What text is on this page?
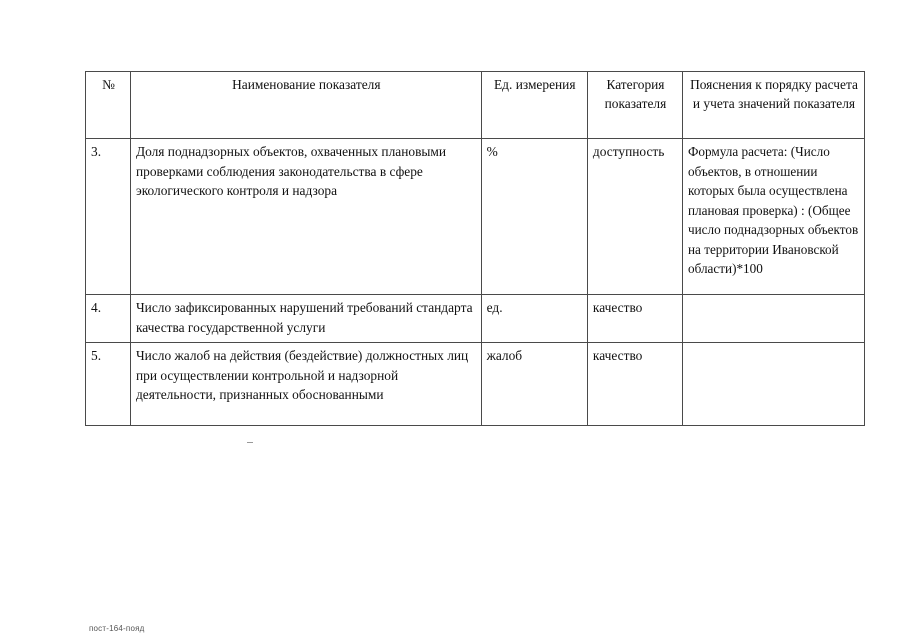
№	Наименование показателя	Ед. измерения	Категория показателя	Пояснения к порядку расчета и учета значений показателя
3.	Доля поднадзорных объектов, охваченных плановыми проверками соблюдения законодательства в сфере экологического контроля и надзора	%	доступность	Формула расчета: (Число объектов, в отношении которых была осуществлена плановая проверка) : (Общее число поднадзорных объектов на территории Ивановской области)*100
4.	Число зафиксированных нарушений требований стандарта качества государственной услуги	ед.	качество	
5.	Число жалоб на действия (бездействие) должностных лиц при осуществлении контрольной и надзорной деятельности, признанных обоснованными	жалоб	качество	
пост-164-пояд
